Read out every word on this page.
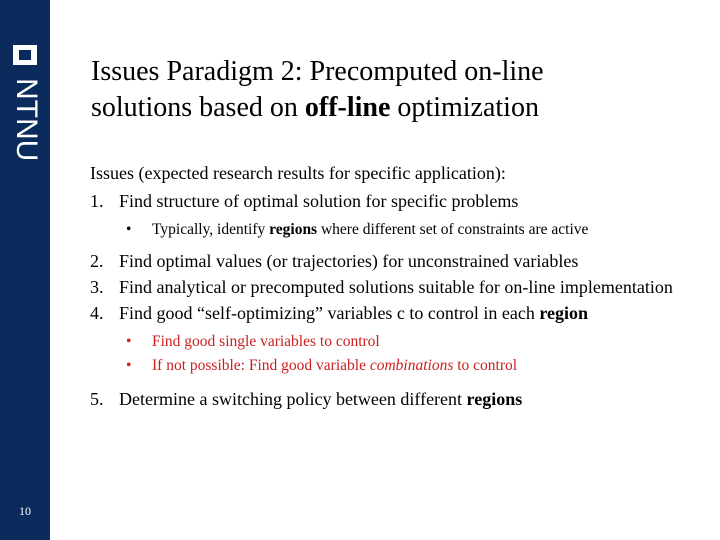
NTNU
10
Issues Paradigm 2: Precomputed on-line
solutions based on off-line optimization
Issues (expected research results for specific application):
1. Find structure of optimal solution for specific problems
•	Typically, identify regions where different set of constraints are active
2. Find optimal values (or trajectories) for unconstrained variables
3. Find analytical or precomputed solutions suitable for on-line implementation
4. Find good “self-optimizing” variables c to control in each region
•	Find good single variables to control
•	If not possible: Find good variable combinations to control
5. Determine a switching policy between different regions
